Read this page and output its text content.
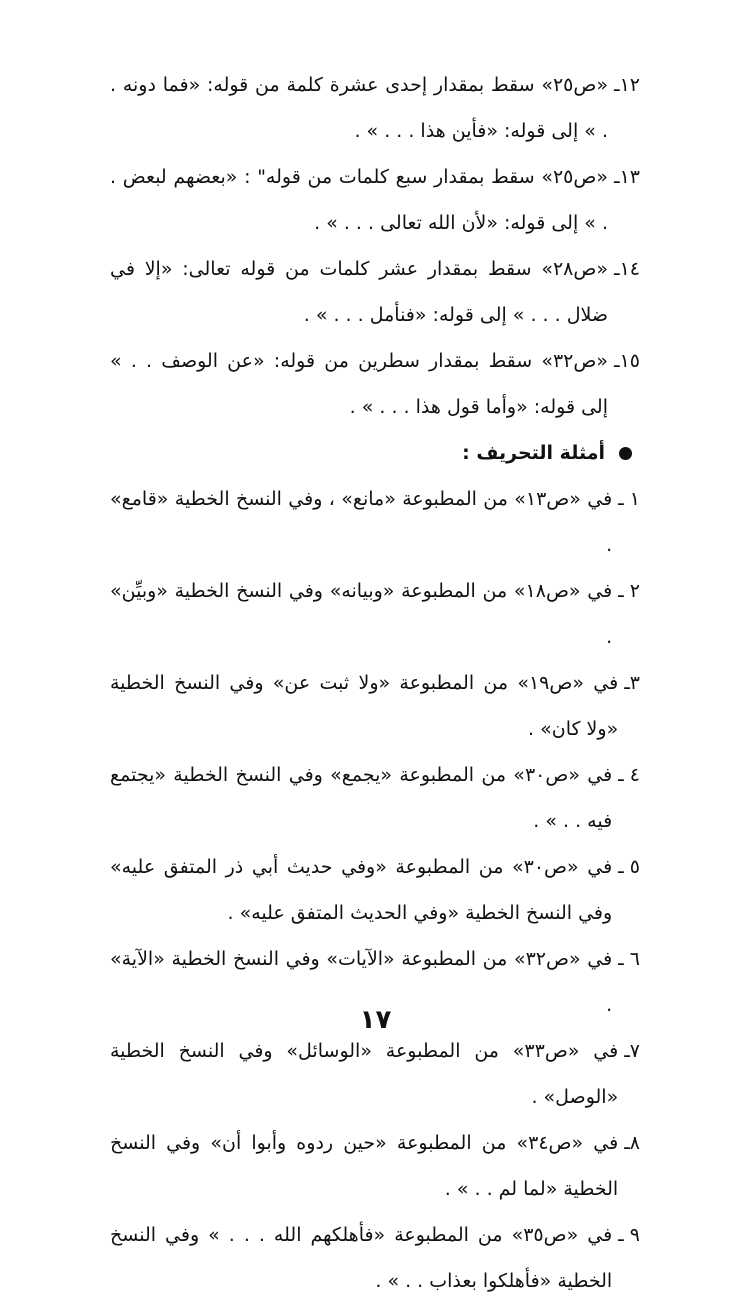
١٢ـ
«ص٢٥» سقط بمقدار إحدى عشرة كلمة من قوله: «فما دونه . . » إلى قوله: «فأين هذا . . . » .
١٣ـ
«ص٢٥» سقط بمقدار سبع كلمات من قوله" : «بعضهم لبعض . . » إلى قوله: «لأن الله تعالى . . . » .
١٤ـ
«ص٢٨» سقط بمقدار عشر كلمات من قوله تعالى: «إلا في ضلال . . . » إلى قوله: «فنأمل . . . » .
١٥ـ
«ص٣٢» سقط بمقدار سطرين من قوله: «عن الوصف . . » إلى قوله: «وأما قول هذا . . . » .
أمثلة التحريف :
١ ـ
في «ص١٣» من المطبوعة «مانع» ، وفي النسخ الخطية «قامع» .
٢ ـ
في «ص١٨» من المطبوعة «وبيانه» وفي النسخ الخطية «وبيِّن» .
٣ـ
في «ص١٩» من المطبوعة «ولا ثبت عن» وفي النسخ الخطية «ولا كان» .
٤ ـ
في «ص٣٠» من المطبوعة «يجمع» وفي النسخ الخطية «يجتمع فيه . . » .
٥ ـ
في «ص٣٠» من المطبوعة «وفي حديث أبي ذر المتفق عليه» وفي النسخ الخطية «وفي الحديث المتفق عليه» .
٦ ـ
في «ص٣٢» من المطبوعة «الآيات» وفي النسخ الخطية «الآية» .
٧ـ
في «ص٣٣» من المطبوعة «الوسائل» وفي النسخ الخطية «الوصل» .
٨ـ
في «ص٣٤» من المطبوعة «حين ردوه وأبوا أن» وفي النسخ الخطية «لما لم . . » .
٩ ـ
في «ص٣٥» من المطبوعة «فأهلكهم الله . . . » وفي النسخ الخطية «فأهلكوا بعذاب . . » .
١٧
